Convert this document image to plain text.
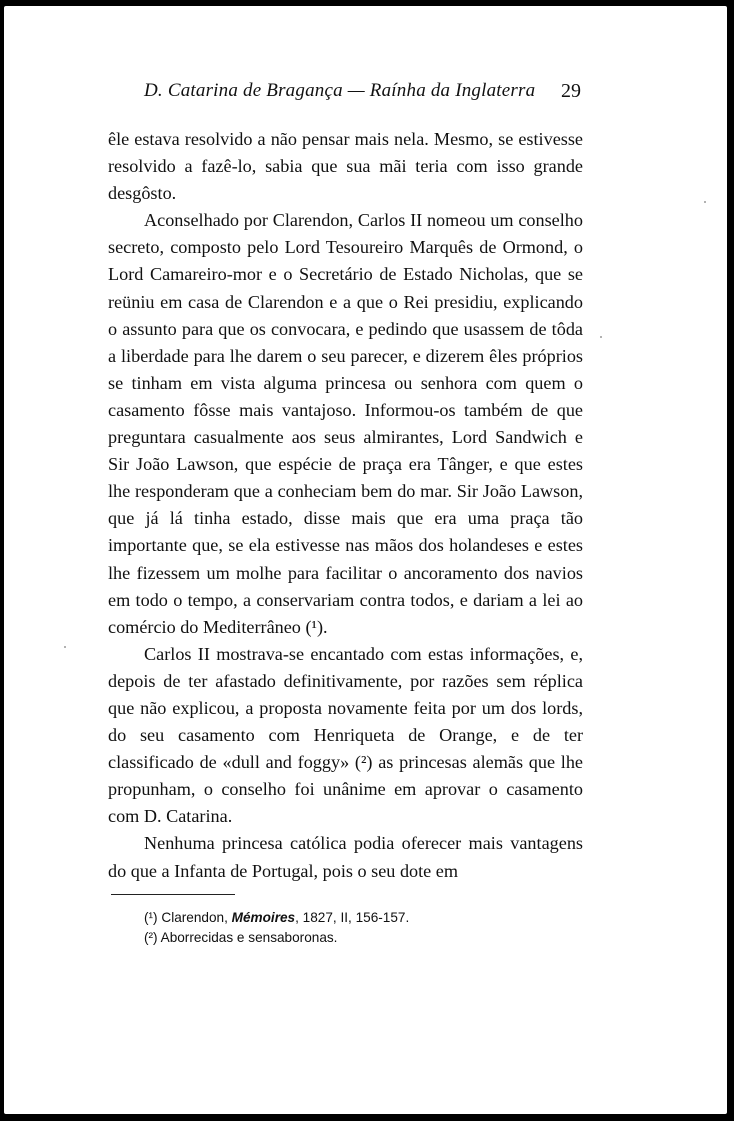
D. Catarina de Bragança — Raínha da Inglaterra	29

êle estava resolvido a não pensar mais nela. Mesmo, se estivesse resolvido a fazê-lo, sabia que sua mãi teria com isso grande desgôsto.

Aconselhado por Clarendon, Carlos II nomeou um conselho secreto, composto pelo Lord Tesoureiro Marquês de Ormond, o Lord Camareiro-mor e o Secretário de Estado Nicholas, que se reüniu em casa de Clarendon e a que o Rei presidiu, explicando o assunto para que os convocara, e pedindo que usassem de tôda a liberdade para lhe darem o seu parecer, e dizerem êles próprios se tinham em vista alguma princesa ou senhora com quem o casamento fôsse mais vantajoso. Informou-os também de que preguntara casualmente aos seus almirantes, Lord Sandwich e Sir João Lawson, que espécie de praça era Tânger, e que estes lhe responderam que a conheciam bem do mar. Sir João Lawson, que já lá tinha estado, disse mais que era uma praça tão importante que, se ela estivesse nas mãos dos holandeses e estes lhe fizessem um molhe para facilitar o ancoramento dos navios em todo o tempo, a conservariam contra todos, e dariam a lei ao comércio do Mediterrâneo (¹).

Carlos II mostrava-se encantado com estas informações, e, depois de ter afastado definitivamente, por razões sem réplica que não explicou, a proposta novamente feita por um dos lords, do seu casamento com Henriqueta de Orange, e de ter classificado de «dull and foggy» (²) as princesas alemãs que lhe propunham, o conselho foi unânime em aprovar o casamento com D. Catarina.

Nenhuma princesa católica podia oferecer mais vantagens do que a Infanta de Portugal, pois o seu dote em

(¹) Clarendon, Mémoires, 1827, II, 156-157.
(²) Aborrecidas e sensaboronas.
